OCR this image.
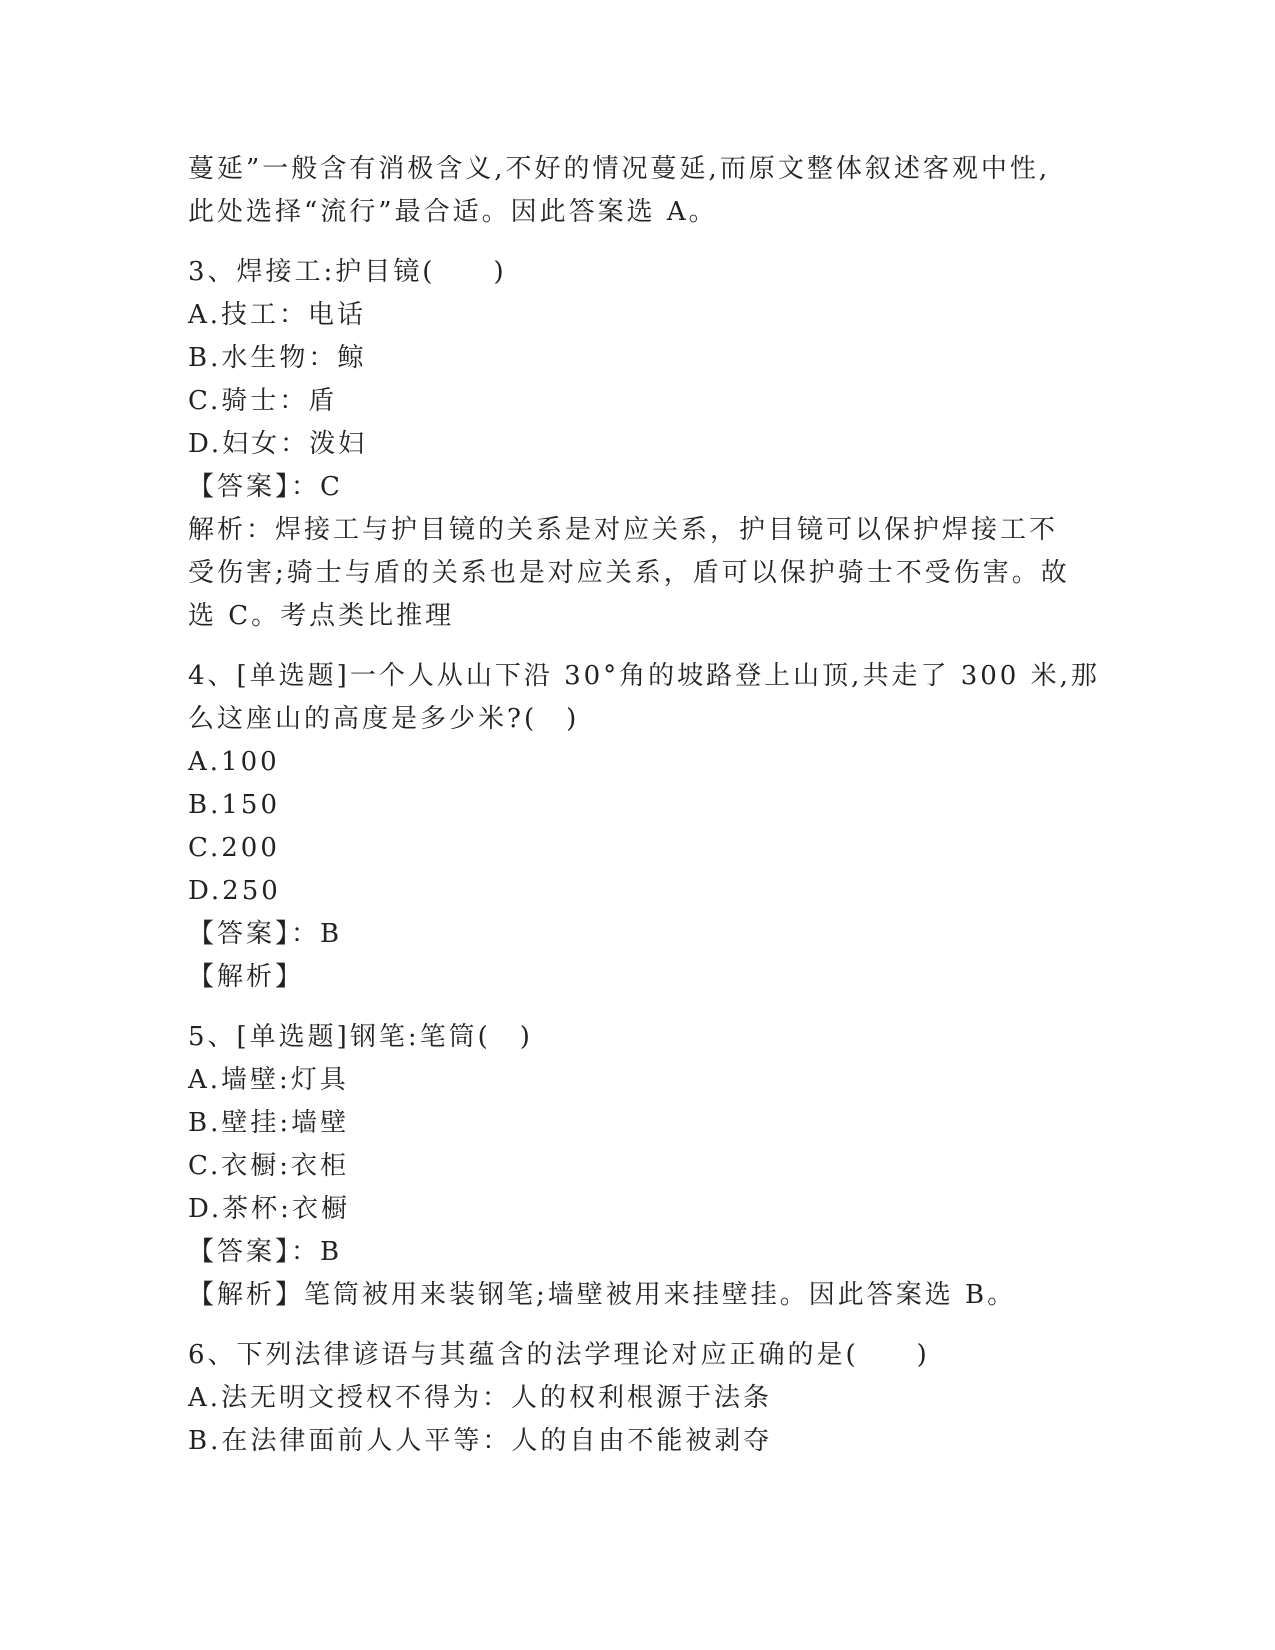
蔓延”一般含有消极含义,不好的情况蔓延,而原文整体叙述客观中性,
此处选择“流行”最合适。因此答案选 A。
3、焊接工:护目镜(　　)
A.技工：电话
B.水生物：鲸
C.骑士：盾
D.妇女：泼妇
【答案】：C
解析：焊接工与护目镜的关系是对应关系，护目镜可以保护焊接工不
受伤害;骑士与盾的关系也是对应关系，盾可以保护骑士不受伤害。故
选 C。考点类比推理
4、[单选题]一个人从山下沿 30°角的坡路登上山顶,共走了 300 米,那
么这座山的高度是多少米?(　)
A.100
B.150
C.200
D.250
【答案】：B
【解析】
5、[单选题]钢笔:笔筒(　)
A.墙壁:灯具
B.壁挂:墙壁
C.衣橱:衣柜
D.茶杯:衣橱
【答案】：B
【解析】笔筒被用来装钢笔;墙壁被用来挂壁挂。因此答案选 B。
6、下列法律谚语与其蕴含的法学理论对应正确的是(　　)
A.法无明文授权不得为：人的权利根源于法条
B.在法律面前人人平等：人的自由不能被剥夺
